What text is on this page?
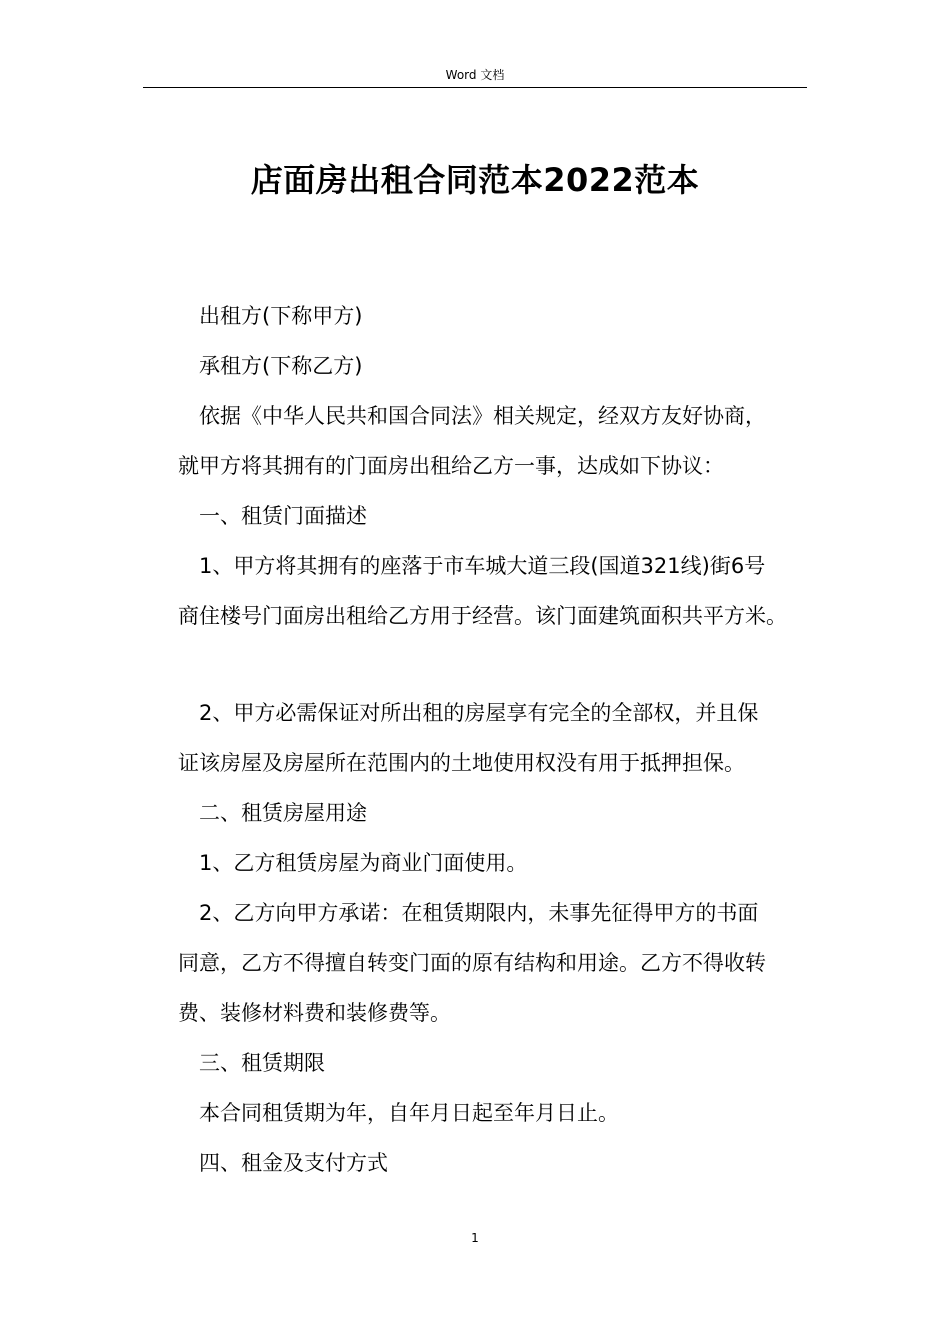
Word 文档
店面房出租合同范本2022范本

出租方(下称甲方)

承租方(下称乙方)

依据《中华人民共和国合同法》相关规定，经双方友好协商，

就甲方将其拥有的门面房出租给乙方一事，达成如下协议：

一、租赁门面描述

1、甲方将其拥有的座落于市车城大道三段(国道321线)街6号

商住楼号门面房出租给乙方用于经营。该门面建筑面积共平方米。

2、甲方必需保证对所出租的房屋享有完全的全部权，并且保

证该房屋及房屋所在范围内的土地使用权没有用于抵押担保。

二、租赁房屋用途

1、乙方租赁房屋为商业门面使用。

2、乙方向甲方承诺：在租赁期限内，未事先征得甲方的书面

同意，乙方不得擅自转变门面的原有结构和用途。乙方不得收转

费、装修材料费和装修费等。

三、租赁期限

本合同租赁期为年，自年月日起至年月日止。

四、租金及支付方式

1
